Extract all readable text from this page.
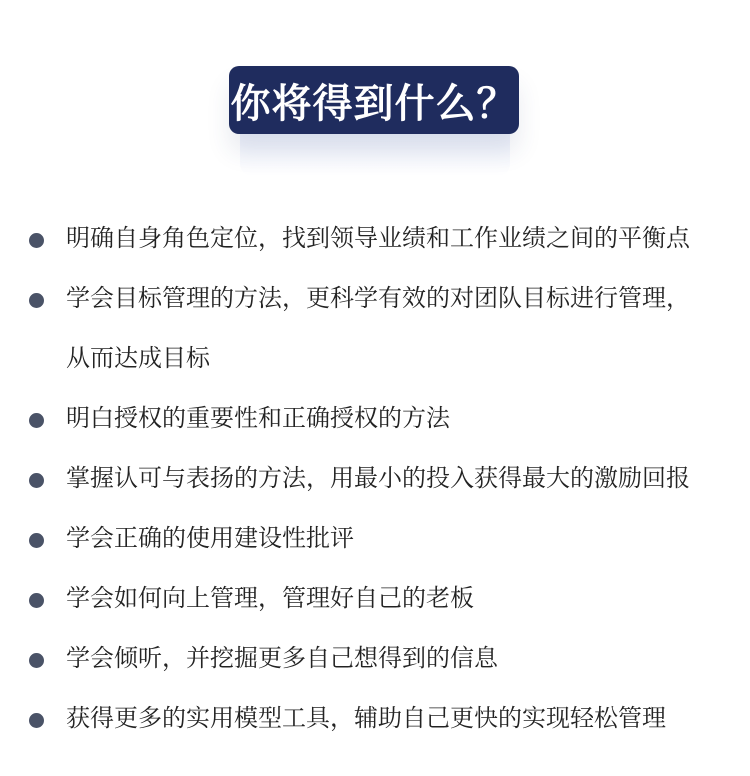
你将得到什么？
明确自身角色定位，找到领导业绩和工作业绩之间的平衡点
学会目标管理的方法，更科学有效的对团队目标进行管理，
从而达成目标
明白授权的重要性和正确授权的方法
掌握认可与表扬的方法，用最小的投入获得最大的激励回报
学会正确的使用建设性批评
学会如何向上管理，管理好自己的老板
学会倾听，并挖掘更多自己想得到的信息
获得更多的实用模型工具，辅助自己更快的实现轻松管理
